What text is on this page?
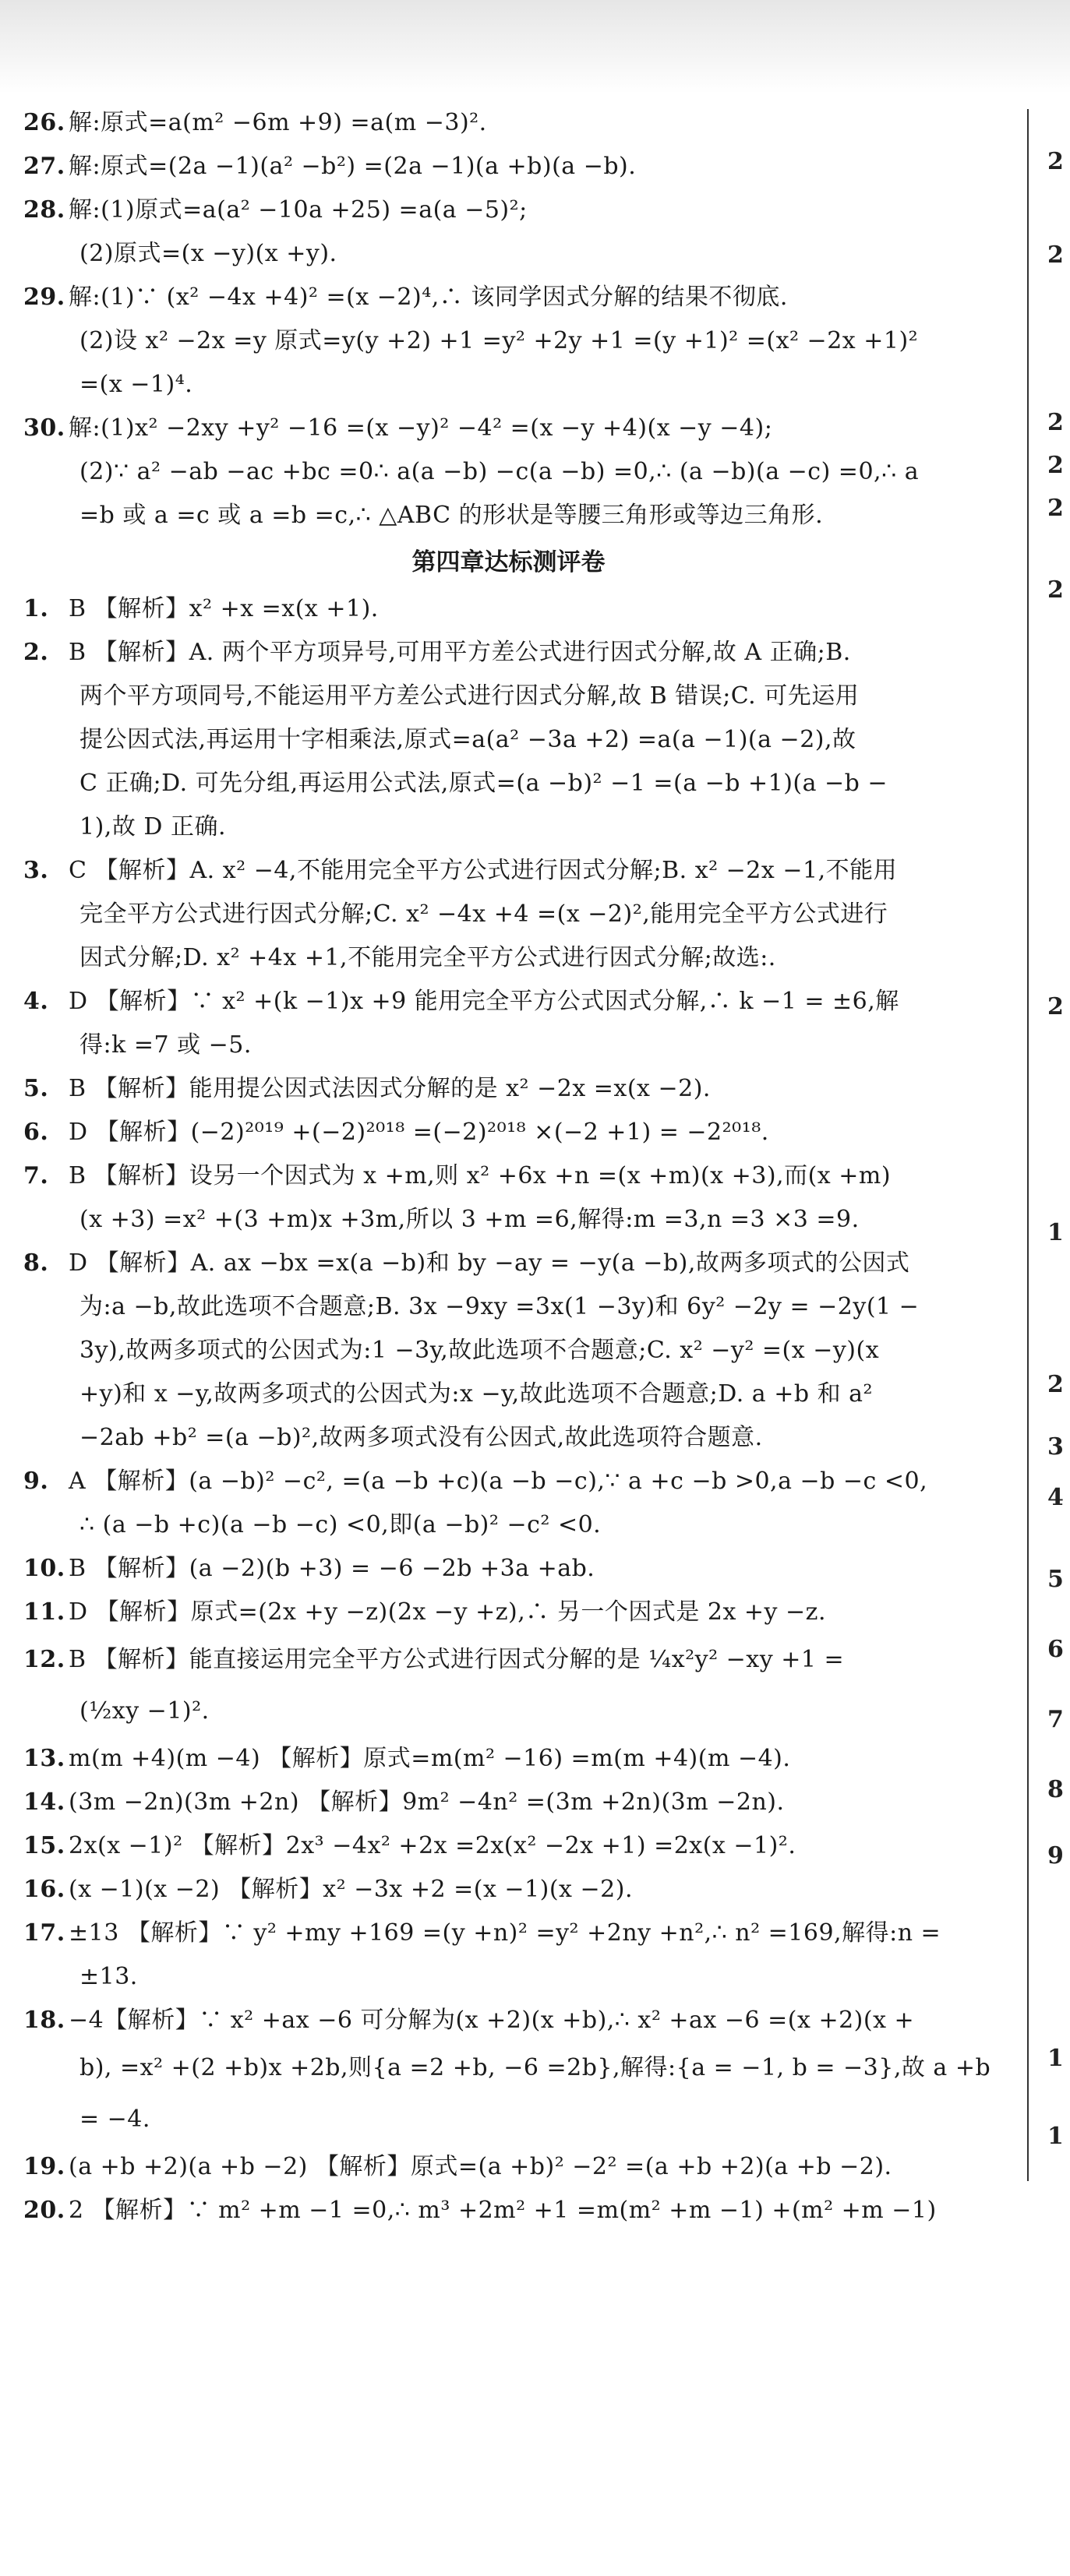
26. 解:原式=a(m² −6m +9) =a(m −3)².
27. 解:原式=(2a −1)(a² −b²) =(2a −1)(a +b)(a −b).
28. 解:(1)原式=a(a² −10a +25) =a(a −5)²;
(2)原式=(x −y)(x +y).
29. 解:(1)∵ (x² −4x +4)² =(x −2)⁴,∴ 该同学因式分解的结果不彻底.
(2)设 x² −2x =y 原式=y(y +2) +1 =y² +2y +1 =(y +1)² =(x² −2x +1)²
=(x −1)⁴.
30. 解:(1)x² −2xy +y² −16 =(x −y)² −4² =(x −y +4)(x −y −4);
(2)∵ a² −ab −ac +bc =0∴ a(a −b) −c(a −b) =0,∴ (a −b)(a −c) =0,∴ a
=b 或 a =c 或 a =b =c,∴ △ABC 的形状是等腰三角形或等边三角形.
第四章达标测评卷
1. B 【解析】x² +x =x(x +1).
2. B 【解析】A. 两个平方项异号,可用平方差公式进行因式分解,故 A 正确;B.
两个平方项同号,不能运用平方差公式进行因式分解,故 B 错误;C. 可先运用
提公因式法,再运用十字相乘法,原式=a(a² −3a +2) =a(a −1)(a −2),故
C 正确;D. 可先分组,再运用公式法,原式=(a −b)² −1 =(a −b +1)(a −b −
1),故 D 正确.
3. C 【解析】A. x² −4,不能用完全平方公式进行因式分解;B. x² −2x −1,不能用
完全平方公式进行因式分解;C. x² −4x +4 =(x −2)²,能用完全平方公式进行
因式分解;D. x² +4x +1,不能用完全平方公式进行因式分解;故选:.
4. D 【解析】∵ x² +(k −1)x +9 能用完全平方公式因式分解,∴ k −1 = ±6,解
得:k =7 或 −5.
5. B 【解析】能用提公因式法因式分解的是 x² −2x =x(x −2).
6. D 【解析】(−2)²⁰¹⁹ +(−2)²⁰¹⁸ =(−2)²⁰¹⁸ ×(−2 +1) = −2²⁰¹⁸.
7. B 【解析】设另一个因式为 x +m,则 x² +6x +n =(x +m)(x +3),而(x +m)
(x +3) =x² +(3 +m)x +3m,所以 3 +m =6,解得:m =3,n =3 ×3 =9.
8. D 【解析】A. ax −bx =x(a −b)和 by −ay = −y(a −b),故两多项式的公因式
为:a −b,故此选项不合题意;B. 3x −9xy =3x(1 −3y)和 6y² −2y = −2y(1 −
3y),故两多项式的公因式为:1 −3y,故此选项不合题意;C. x² −y² =(x −y)(x
+y)和 x −y,故两多项式的公因式为:x −y,故此选项不合题意;D. a +b 和 a²
−2ab +b² =(a −b)²,故两多项式没有公因式,故此选项符合题意.
9. A 【解析】(a −b)² −c², =(a −b +c)(a −b −c),∵ a +c −b >0,a −b −c <0,
∴ (a −b +c)(a −b −c) <0,即(a −b)² −c² <0.
10. B 【解析】(a −2)(b +3) = −6 −2b +3a +ab.
11. D 【解析】原式=(2x +y −z)(2x −y +z),∴ 另一个因式是 2x +y −z.
12. B 【解析】能直接运用完全平方公式进行因式分解的是 ¼x²y² −xy +1 =
(½xy −1)².
13. m(m +4)(m −4) 【解析】原式=m(m² −16) =m(m +4)(m −4).
14. (3m −2n)(3m +2n) 【解析】9m² −4n² =(3m +2n)(3m −2n).
15. 2x(x −1)² 【解析】2x³ −4x² +2x =2x(x² −2x +1) =2x(x −1)².
16. (x −1)(x −2) 【解析】x² −3x +2 =(x −1)(x −2).
17. ±13 【解析】∵ y² +my +169 =(y +n)² =y² +2ny +n²,∴ n² =169,解得:n =
±13.
18. −4【解析】∵ x² +ax −6 可分解为(x +2)(x +b),∴ x² +ax −6 =(x +2)(x +
b), =x² +(2 +b)x +2b,则{a =2 +b, −6 =2b},解得:{a = −1, b = −3},故 a +b = −4.
19. (a +b +2)(a +b −2) 【解析】原式=(a +b)² −2² =(a +b +2)(a +b −2).
20. 2 【解析】∵ m² +m −1 =0,∴ m³ +2m² +1 =m(m² +m −1) +(m² +m −1)
2
2
2
2
2
2
2
1
2
3
4
5
6
7
8
9
1
1
